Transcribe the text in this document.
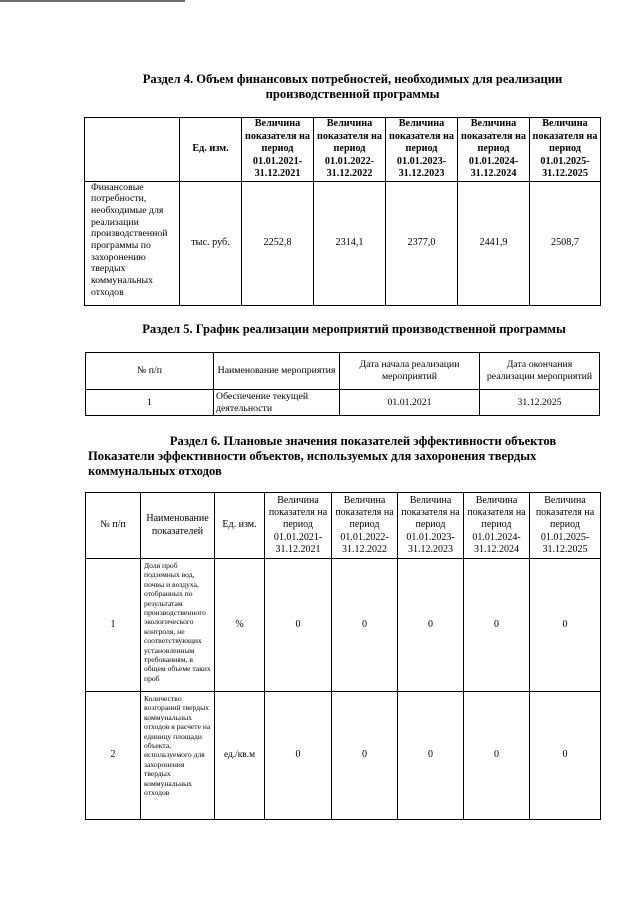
Раздел 4. Объем финансовых потребностей, необходимых для реализации
производственной программы
	Ед. изм.	Величина показателя на период 01.01.2021-31.12.2021	Величина показателя на период 01.01.2022-31.12.2022	Величина показателя на период 01.01.2023-31.12.2023	Величина показателя на период 01.01.2024-31.12.2024	Величина показателя на период 01.01.2025-31.12.2025
Финансовые потребности, необходимые для реализации производственной программы по захоронению твердых коммунальных отходов	тыс. руб.	2252,8	2314,1	2377,0	2441,9	2508,7
Раздел 5. График реализации мероприятий производственной программы
№ п/п	Наименование мероприятия	Дата начала реализации мероприятий	Дата окончания реализации мероприятий
1	Обеспечение текущей деятельности	01.01.2021	31.12.2025
Раздел 6. Плановые значения показателей эффективности объектов
Показатели эффективности объектов, используемых для захоронения твердых коммунальных отходов
№ п/п	Наименование показателей	Ед. изм.	Величина показателя на период 01.01.2021-31.12.2021	Величина показателя на период 01.01.2022-31.12.2022	Величина показателя на период 01.01.2023-31.12.2023	Величина показателя на период 01.01.2024-31.12.2024	Величина показателя на период 01.01.2025-31.12.2025
1	Доля проб подземных вод, почвы и воздуха, отобранных по результатам производственного экологического контроля, не соответствующих установленным требованиям, в общем объеме таких проб	%	0	0	0	0	0
2	Количество возгораний твердых коммунальных отходов в расчете на единицу площади объекта, используемого для захоронения твердых коммунальных отходов	ед./кв.м	0	0	0	0	0
